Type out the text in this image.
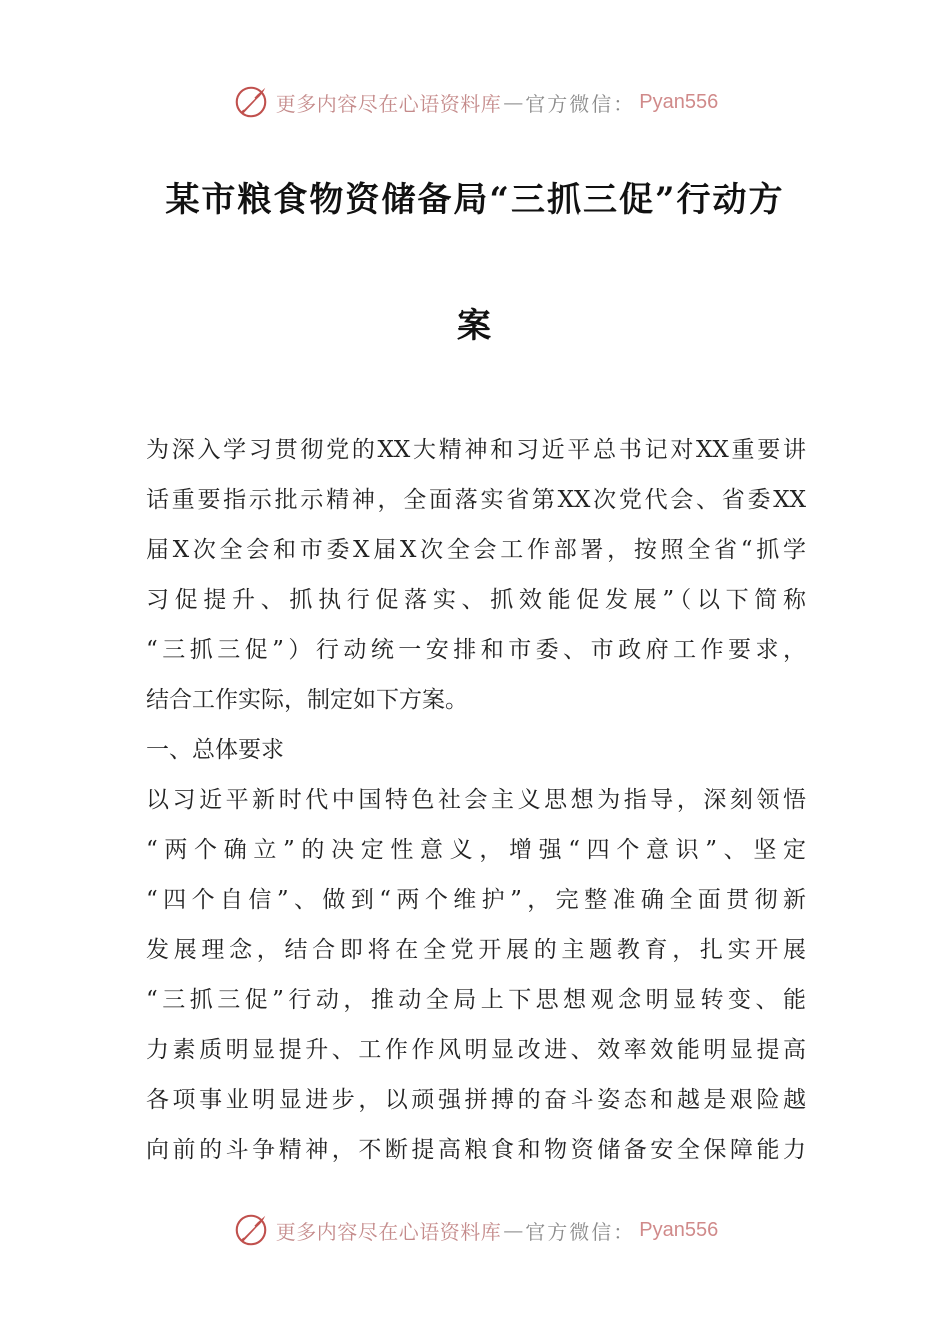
更多内容尽在心语资料库 — 官方微信： Pyan556
某市粮食物资储备局“三抓三促”行动方
案

为深入学习贯彻党的XX大精神和习近平总书记对XX重要讲

话重要指示批示精神，全面落实省第XX次党代会、省委XX

届X次全会和市委X届X次全会工作部署，按照全省“抓学

习促提升、抓执行促落实、抓效能促发展”（以下简称

“三抓三促”）行动统一安排和市委、市政府工作要求，

结合工作实际，制定如下方案。

一、总体要求

以习近平新时代中国特色社会主义思想为指导，深刻领悟

“两个确立”的决定性意义，增强“四个意识”、坚定

“四个自信”、做到“两个维护”，完整准确全面贯彻新

发展理念，结合即将在全党开展的主题教育，扎实开展

“三抓三促”行动，推动全局上下思想观念明显转变、能

力素质明显提升、工作作风明显改进、效率效能明显提高

各项事业明显进步，以顽强拼搏的奋斗姿态和越是艰险越

向前的斗争精神，不断提高粮食和物资储备安全保障能力

更多内容尽在心语资料库 — 官方微信： Pyan556
